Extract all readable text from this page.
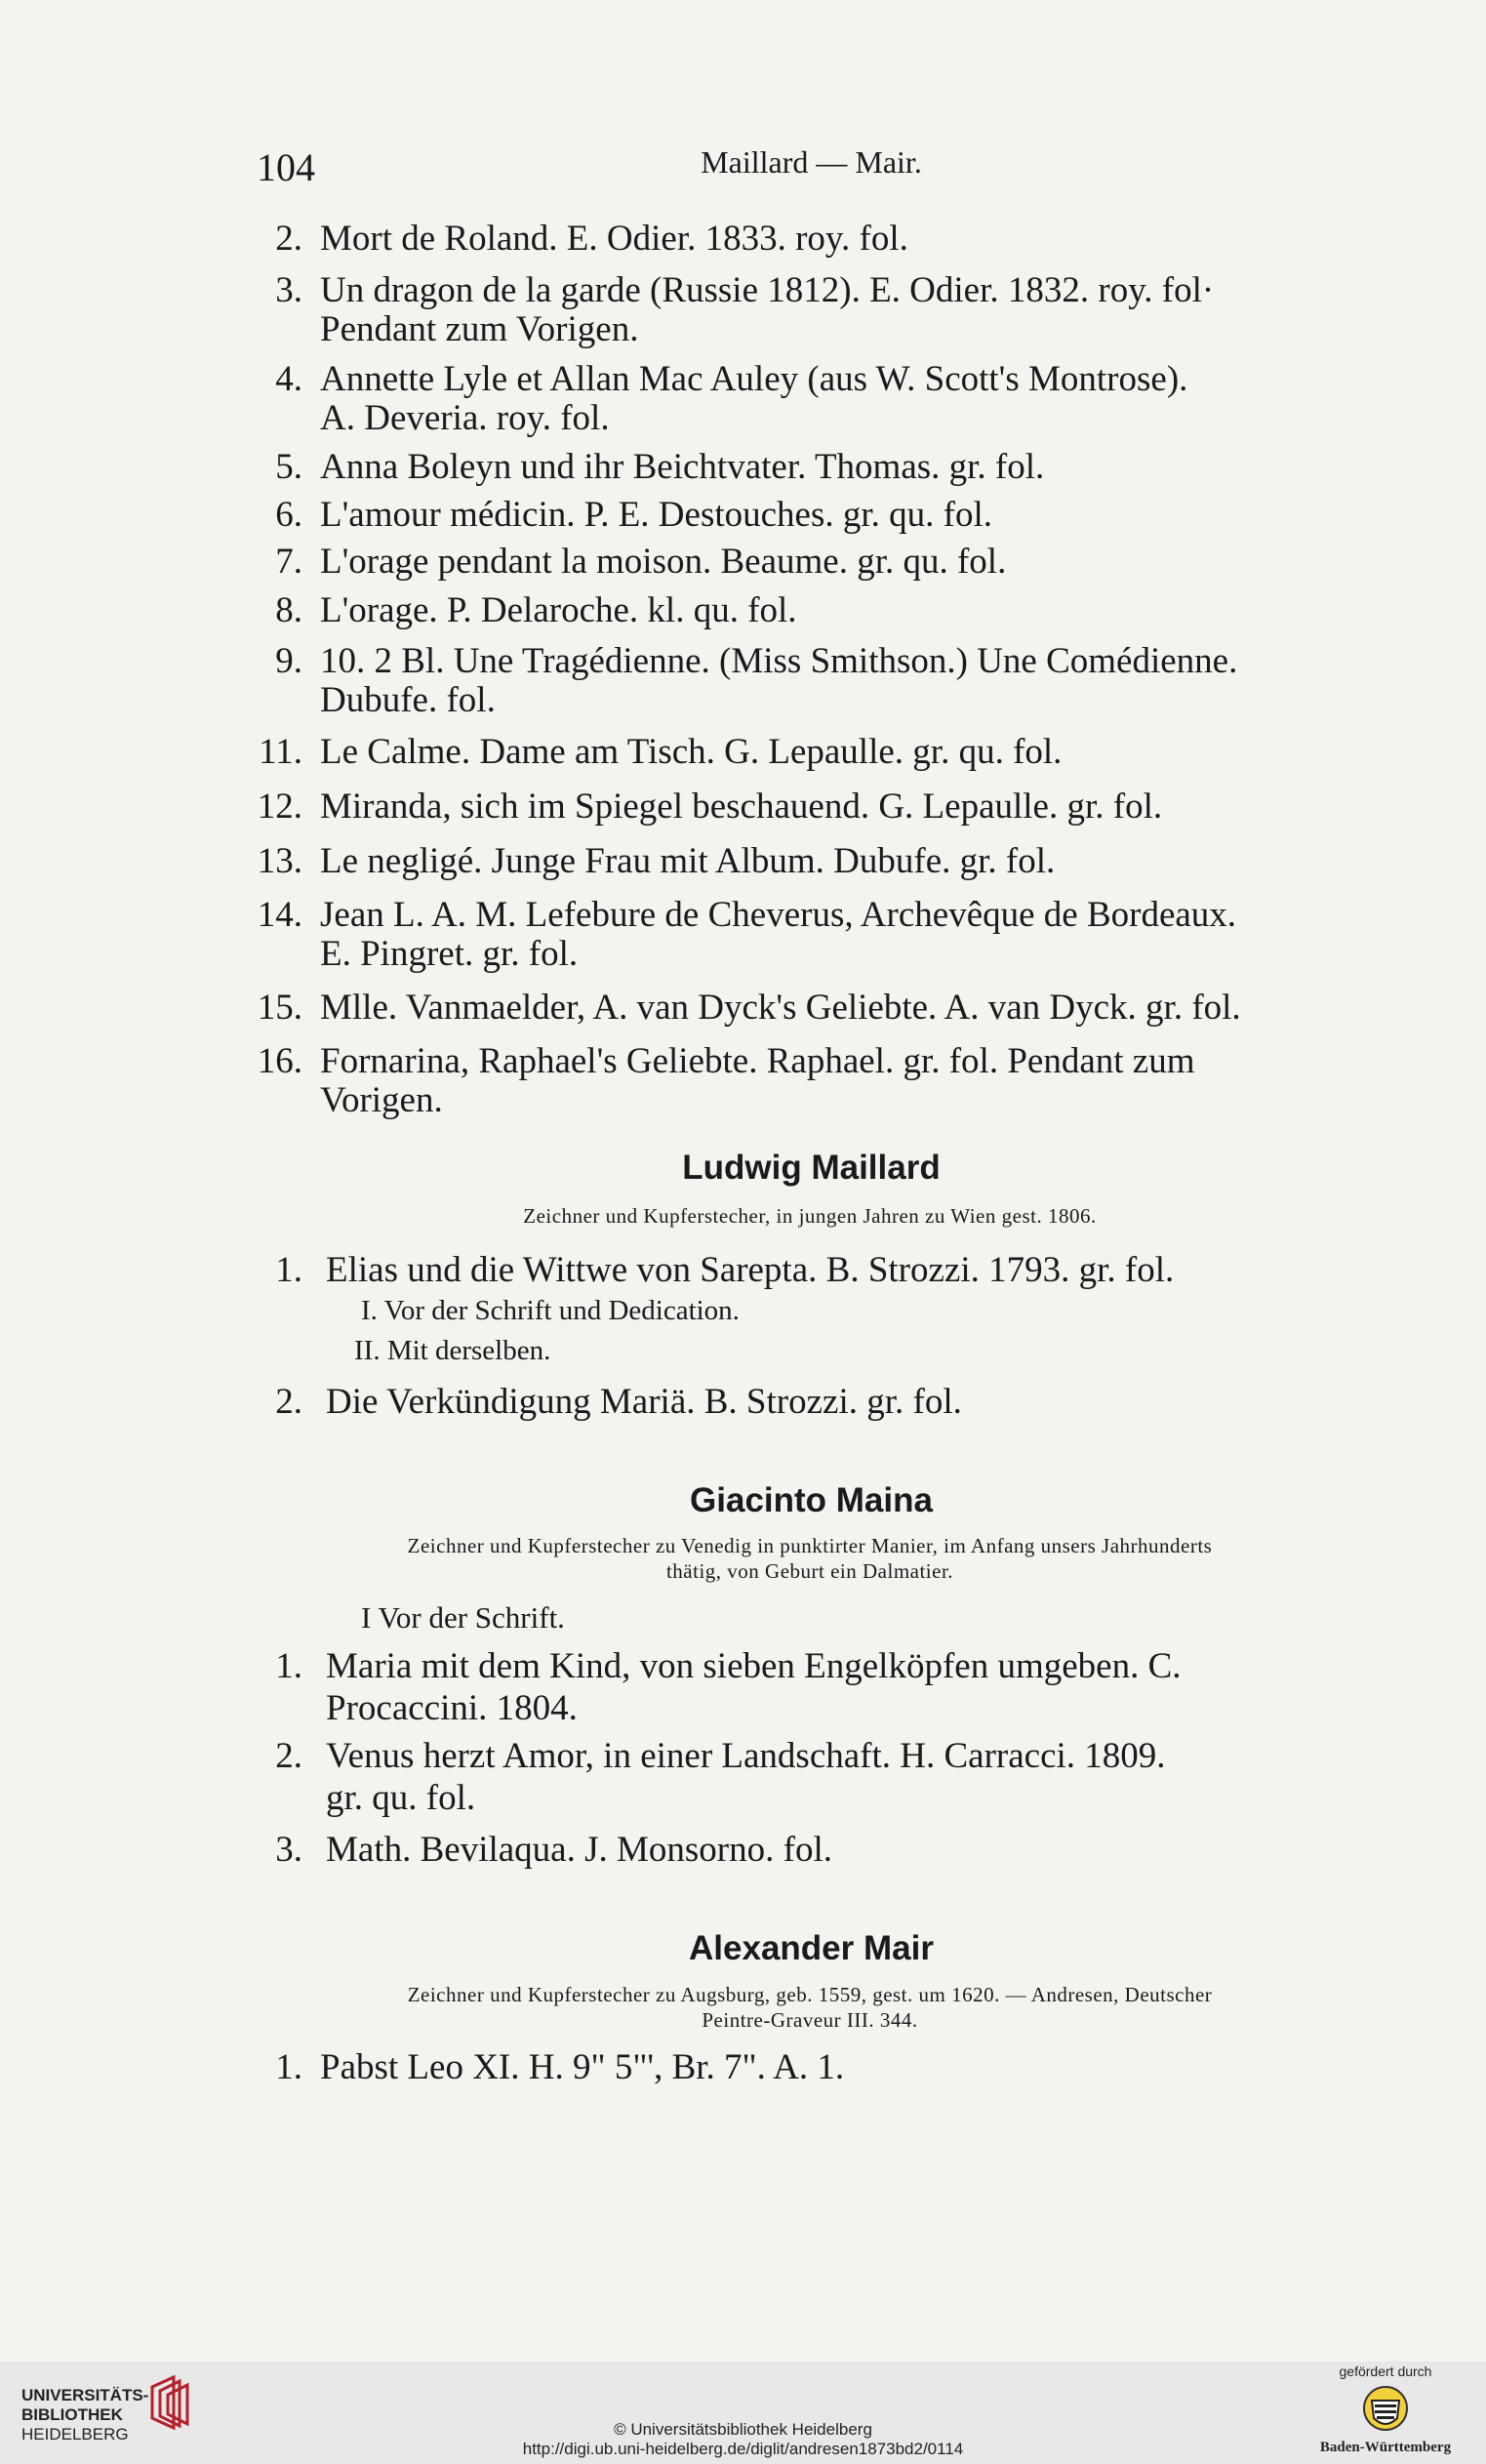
104	Maillard — Mair.
2. Mort de Roland. E. Odier. 1833. roy. fol.
3. Un dragon de la garde (Russie 1812). E. Odier. 1832. roy. fol·
Pendant zum Vorigen.
4. Annette Lyle et Allan Mac Auley (aus W. Scott's Montrose).
A. Deveria. roy. fol.
5. Anna Boleyn und ihr Beichtvater. Thomas. gr. fol.
6. L'amour médicin. P. E. Destouches. gr. qu. fol.
7. L'orage pendant la moison. Beaume. gr. qu. fol.
8. L'orage. P. Delaroche. kl. qu. fol.
9. 10. 2 Bl. Une Tragédienne. (Miss Smithson.) Une Comédienne.
Dubufe. fol.
11. Le Calme. Dame am Tisch. G. Lepaulle. gr. qu. fol.
12. Miranda, sich im Spiegel beschauend. G. Lepaulle. gr. fol.
13. Le negligé. Junge Frau mit Album. Dubufe. gr. fol.
14. Jean L. A. M. Lefebure de Cheverus, Archevêque de Bordeaux.
E. Pingret. gr. fol.
15. Mlle. Vanmaelder, A. van Dyck's Geliebte. A. van Dyck. gr. fol.
16. Fornarina, Raphael's Geliebte. Raphael. gr. fol. Pendant zum
Vorigen.
Ludwig Maillard
Zeichner und Kupferstecher, in jungen Jahren zu Wien gest. 1806.
1. Elias und die Wittwe von Sarepta. B. Strozzi. 1793. gr. fol.
I. Vor der Schrift und Dedication.
II. Mit derselben.
2. Die Verkündigung Mariä. B. Strozzi. gr. fol.
Giacinto Maina
Zeichner und Kupferstecher zu Venedig in punktirter Manier, im Anfang unsers Jahrhunderts
thätig, von Geburt ein Dalmatier.
I Vor der Schrift.
1. Maria mit dem Kind, von sieben Engelköpfen umgeben. C.
Procaccini. 1804.
2. Venus herzt Amor, in einer Landschaft. H. Carracci. 1809.
gr. qu. fol.
3. Math. Bevilaqua. J. Monsorno. fol.
Alexander Mair
Zeichner und Kupferstecher zu Augsburg, geb. 1559, gest. um 1620. — Andresen, Deutscher
Peintre-Graveur III. 344.
1. Pabst Leo XI. H. 9" 5"', Br. 7". A. 1.
UNIVERSITÄTS-
BIBLIOTHEK
HEIDELBERG	© Universitätsbibliothek Heidelberg
http://digi.ub.uni-heidelberg.de/diglit/andresen1873bd2/0114
gefördert durch
Baden-Württemberg
